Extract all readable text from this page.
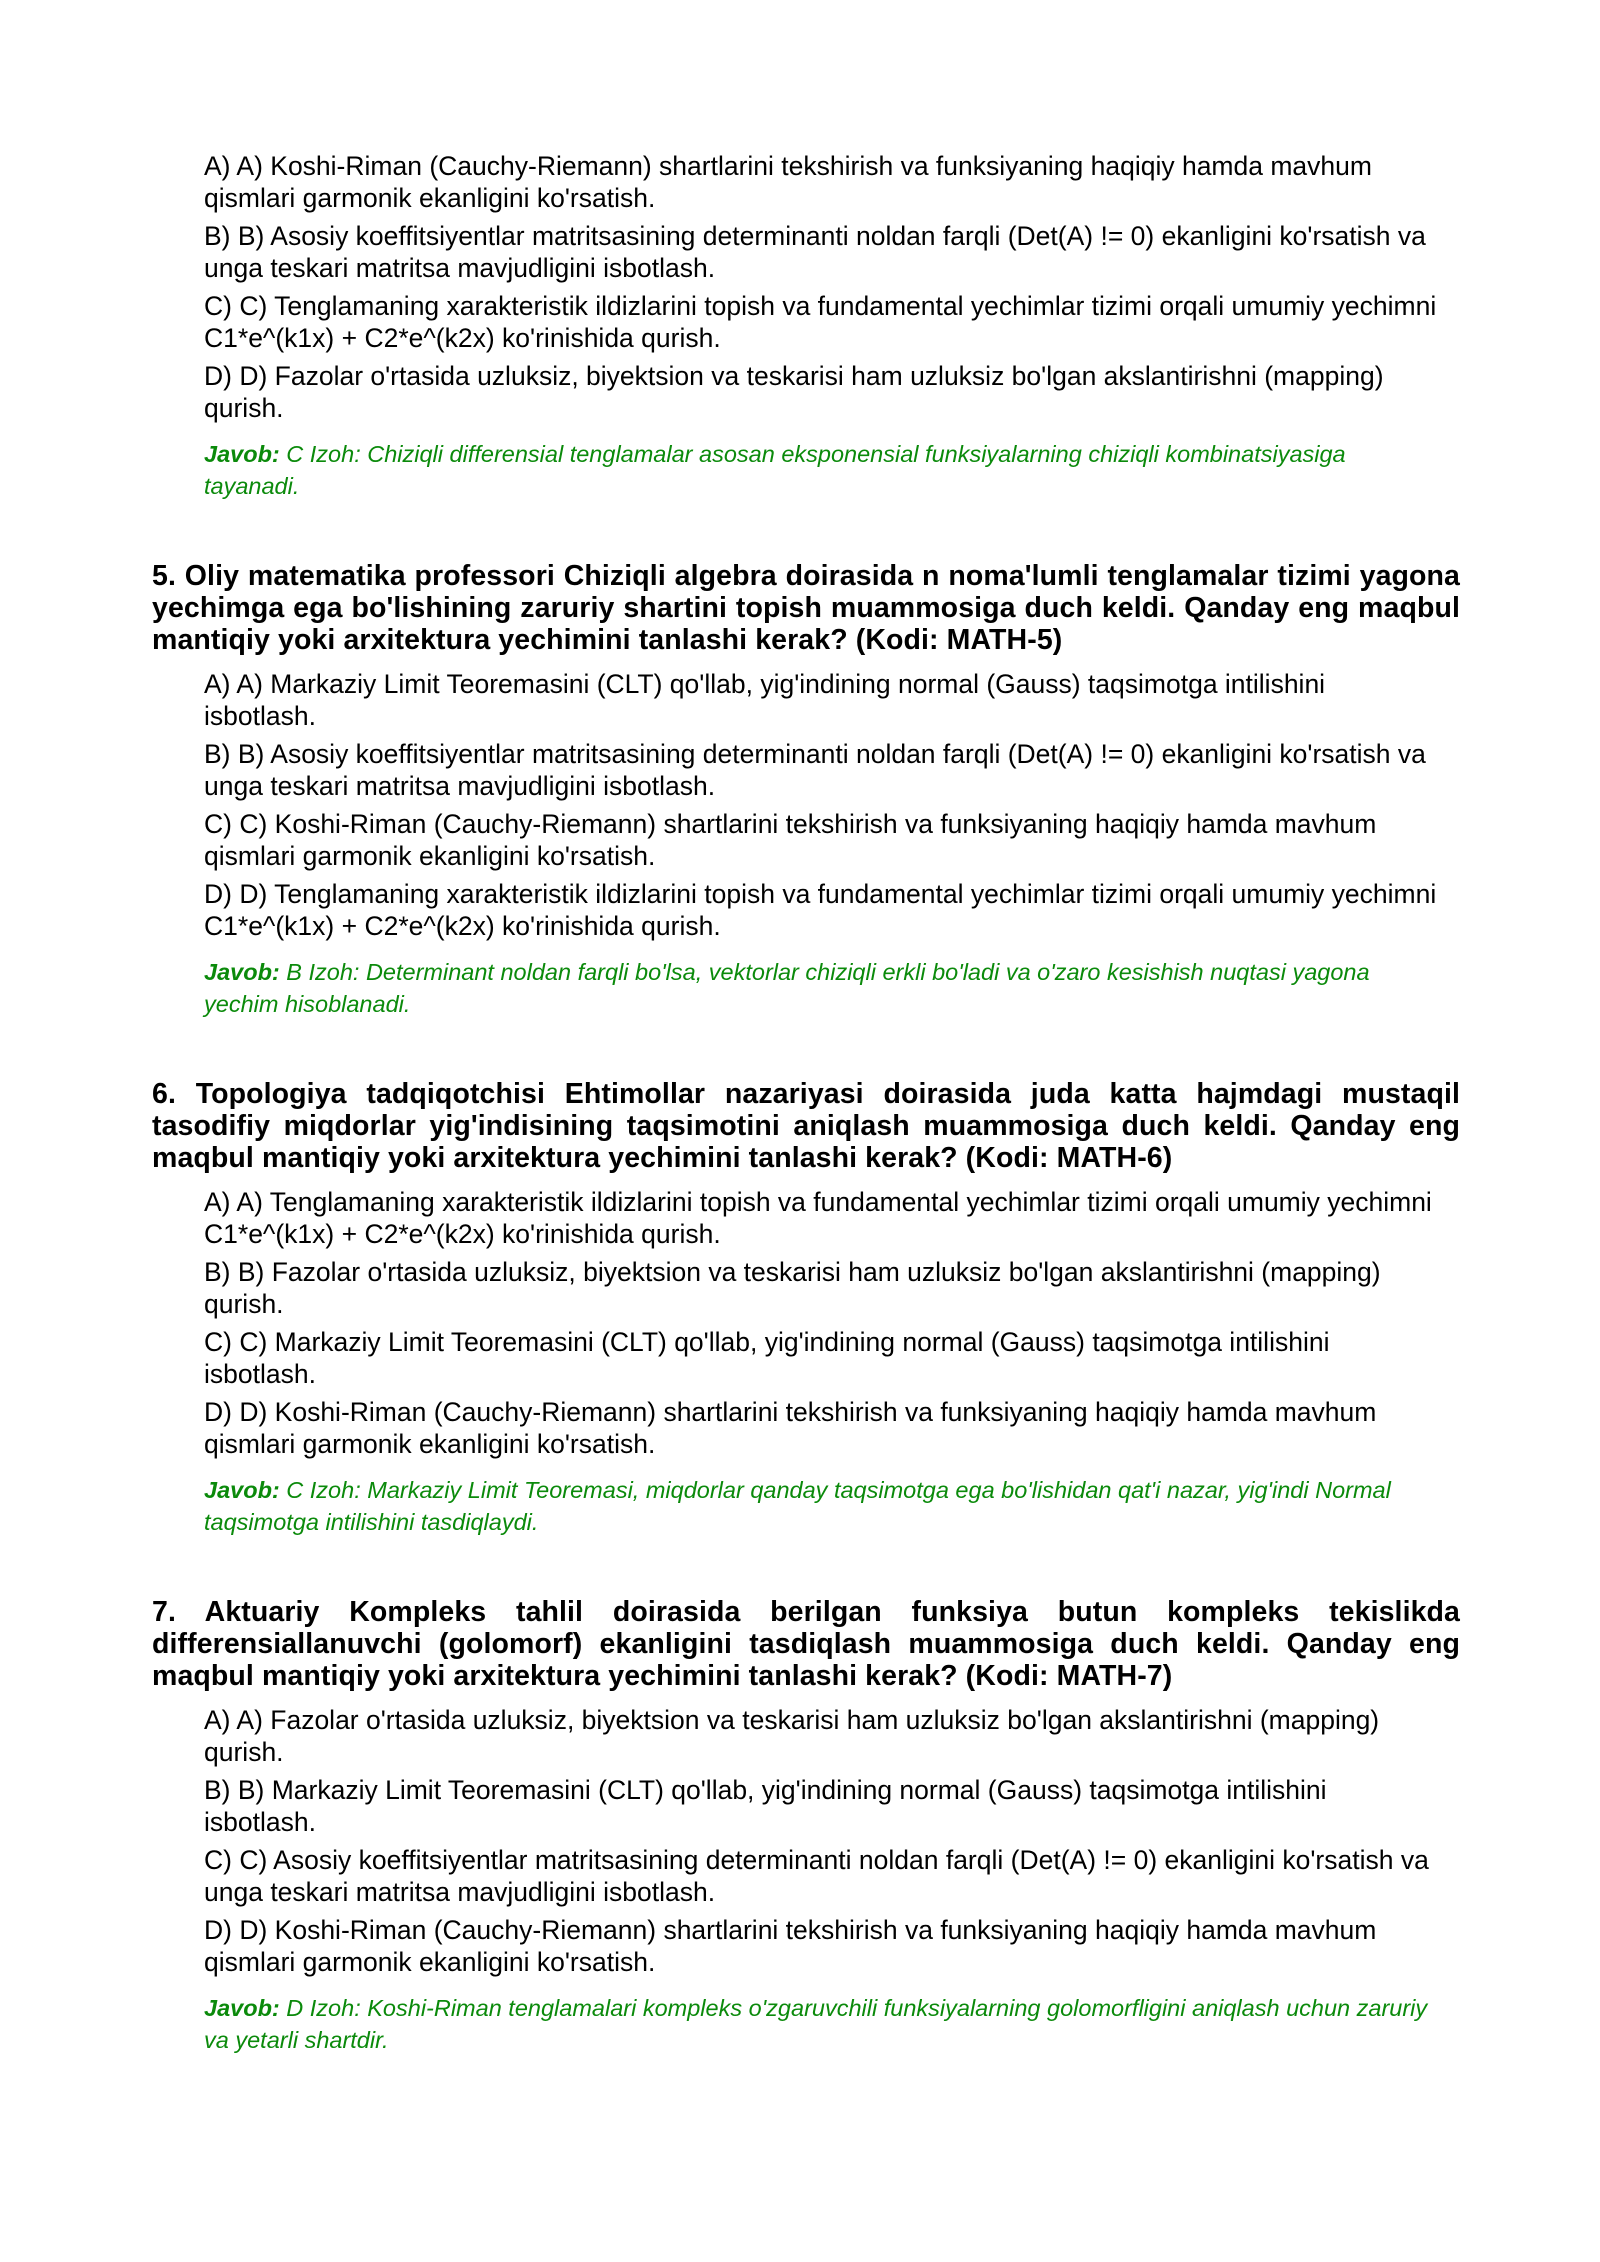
A) A) Koshi-Riman (Cauchy-Riemann) shartlarini tekshirish va funksiyaning haqiqiy hamda mavhum qismlari garmonik ekanligini ko'rsatish.
B) B) Asosiy koeffitsiyentlar matritsasining determinanti noldan farqli (Det(A) != 0) ekanligini ko'rsatish va unga teskari matritsa mavjudligini isbotlash.
C) C) Tenglamaning xarakteristik ildizlarini topish va fundamental yechimlar tizimi orqali umumiy yechimni C1*e^(k1x) + C2*e^(k2x) ko'rinishida qurish.
D) D) Fazolar o'rtasida uzluksiz, biyektsion va teskarisi ham uzluksiz bo'lgan akslantirishni (mapping) qurish.
Javob: C Izoh: Chiziqli differensial tenglamalar asosan eksponensial funksiyalarning chiziqli kombinatsiyasiga tayanadi.
5. Oliy matematika professori Chiziqli algebra doirasida n noma'lumli tenglamalar tizimi yagona yechimga ega bo'lishining zaruriy shartini topish muammosiga duch keldi. Qanday eng maqbul mantiqiy yoki arxitektura yechimini tanlashi kerak? (Kodi: MATH-5)
A) A) Markaziy Limit Teoremasini (CLT) qo'llab, yig'indining normal (Gauss) taqsimotga intilishini isbotlash.
B) B) Asosiy koeffitsiyentlar matritsasining determinanti noldan farqli (Det(A) != 0) ekanligini ko'rsatish va unga teskari matritsa mavjudligini isbotlash.
C) C) Koshi-Riman (Cauchy-Riemann) shartlarini tekshirish va funksiyaning haqiqiy hamda mavhum qismlari garmonik ekanligini ko'rsatish.
D) D) Tenglamaning xarakteristik ildizlarini topish va fundamental yechimlar tizimi orqali umumiy yechimni C1*e^(k1x) + C2*e^(k2x) ko'rinishida qurish.
Javob: B Izoh: Determinant noldan farqli bo'lsa, vektorlar chiziqli erkli bo'ladi va o'zaro kesishish nuqtasi yagona yechim hisoblanadi.
6. Topologiya tadqiqotchisi Ehtimollar nazariyasi doirasida juda katta hajmdagi mustaqil tasodifiy miqdorlar yig'indisining taqsimotini aniqlash muammosiga duch keldi. Qanday eng maqbul mantiqiy yoki arxitektura yechimini tanlashi kerak? (Kodi: MATH-6)
A) A) Tenglamaning xarakteristik ildizlarini topish va fundamental yechimlar tizimi orqali umumiy yechimni C1*e^(k1x) + C2*e^(k2x) ko'rinishida qurish.
B) B) Fazolar o'rtasida uzluksiz, biyektsion va teskarisi ham uzluksiz bo'lgan akslantirishni (mapping) qurish.
C) C) Markaziy Limit Teoremasini (CLT) qo'llab, yig'indining normal (Gauss) taqsimotga intilishini isbotlash.
D) D) Koshi-Riman (Cauchy-Riemann) shartlarini tekshirish va funksiyaning haqiqiy hamda mavhum qismlari garmonik ekanligini ko'rsatish.
Javob: C Izoh: Markaziy Limit Teoremasi, miqdorlar qanday taqsimotga ega bo'lishidan qat'i nazar, yig'indi Normal taqsimotga intilishini tasdiqlaydi.
7. Aktuariy Kompleks tahlil doirasida berilgan funksiya butun kompleks tekislikda differensiallanuvchi (golomorf) ekanligini tasdiqlash muammosiga duch keldi. Qanday eng maqbul mantiqiy yoki arxitektura yechimini tanlashi kerak? (Kodi: MATH-7)
A) A) Fazolar o'rtasida uzluksiz, biyektsion va teskarisi ham uzluksiz bo'lgan akslantirishni (mapping) qurish.
B) B) Markaziy Limit Teoremasini (CLT) qo'llab, yig'indining normal (Gauss) taqsimotga intilishini isbotlash.
C) C) Asosiy koeffitsiyentlar matritsasining determinanti noldan farqli (Det(A) != 0) ekanligini ko'rsatish va unga teskari matritsa mavjudligini isbotlash.
D) D) Koshi-Riman (Cauchy-Riemann) shartlarini tekshirish va funksiyaning haqiqiy hamda mavhum qismlari garmonik ekanligini ko'rsatish.
Javob: D Izoh: Koshi-Riman tenglamalari kompleks o'zgaruvchili funksiyalarning golomorfligini aniqlash uchun zaruriy va yetarli shartdir.
